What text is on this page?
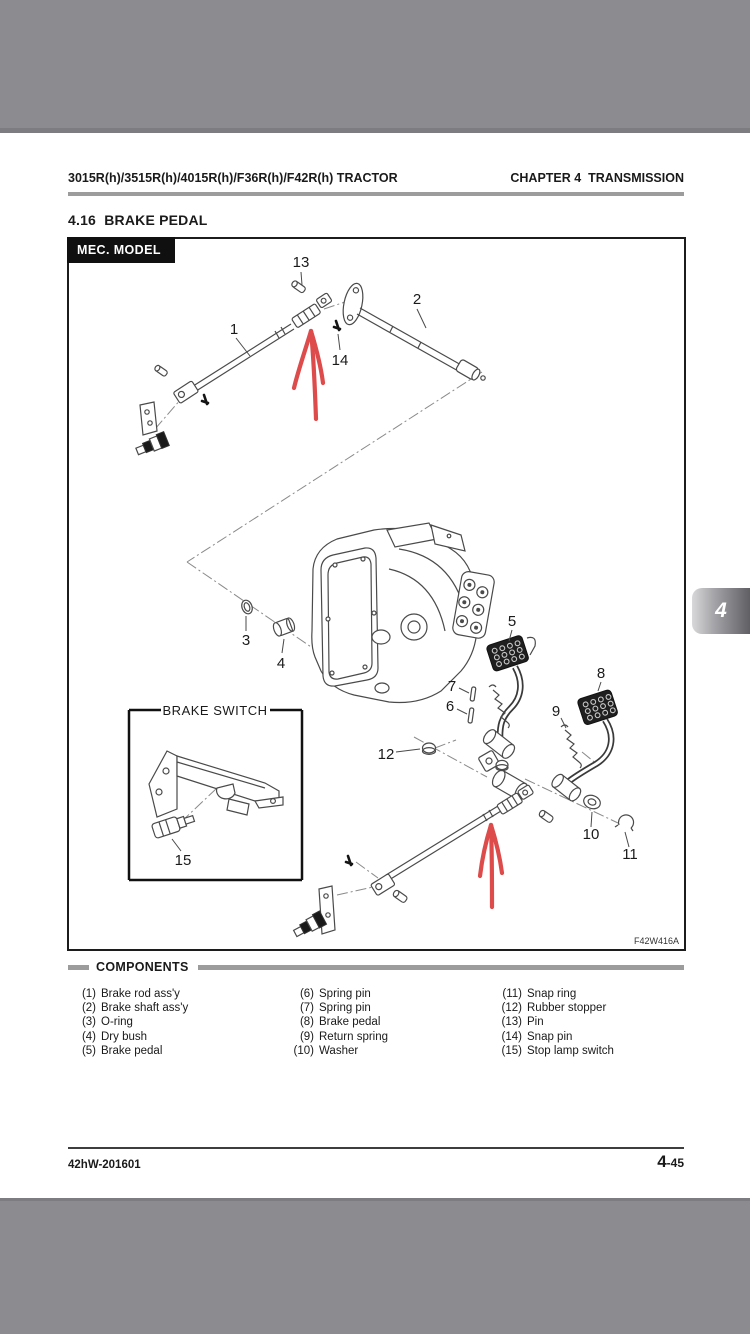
3015R(h)/3515R(h)/4015R(h)/F36R(h)/F42R(h) TRACTOR	CHAPTER 4  TRANSMISSION
4.16  BRAKE PEDAL
BRAKE SWITCH
13
1
2
14
3
4
5
7
6	9
8
12
10
11
15
F42W416A
MEC. MODEL
4
COMPONENTS
(1) Brake rod ass'y
(2) Brake shaft ass'y
(3) O-ring
(4) Dry bush
(5) Brake pedal
(6) Spring pin
(7) Spring pin
(8) Brake pedal
(9) Return spring
(10) Washer
(11) Snap ring
(12) Rubber stopper
(13) Pin
(14) Snap pin
(15) Stop lamp switch
42hW-201601	4-45
